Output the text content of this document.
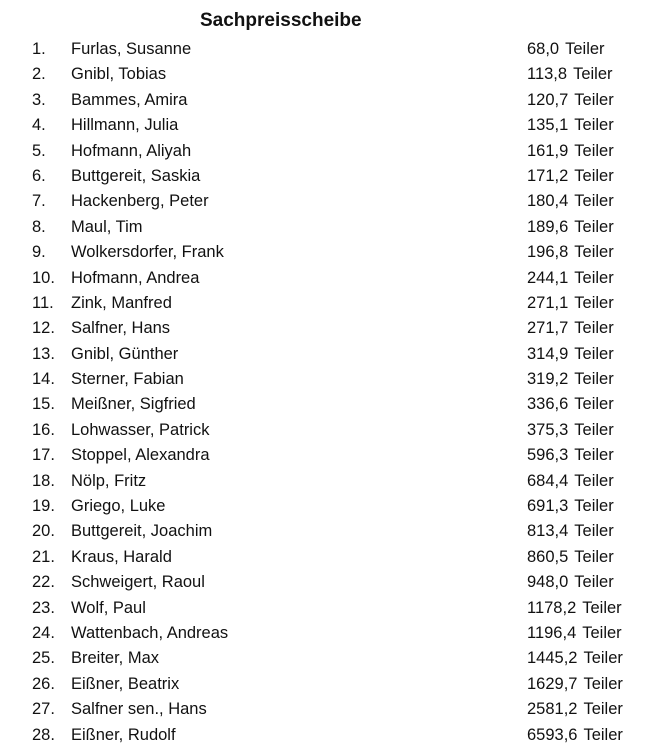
Sachpreisscheibe
1. Furlas, Susanne	68,0 Teiler
2. Gnibl, Tobias	113,8 Teiler
3. Bammes, Amira	120,7 Teiler
4. Hillmann, Julia	135,1 Teiler
5. Hofmann, Aliyah	161,9 Teiler
6. Buttgereit, Saskia	171,2 Teiler
7. Hackenberg, Peter	180,4 Teiler
8. Maul, Tim	189,6 Teiler
9. Wolkersdorfer, Frank	196,8 Teiler
10. Hofmann, Andrea	244,1 Teiler
11. Zink, Manfred	271,1 Teiler
12. Salfner, Hans	271,7 Teiler
13. Gnibl, Günther	314,9 Teiler
14. Sterner, Fabian	319,2 Teiler
15. Meißner, Sigfried	336,6 Teiler
16. Lohwasser, Patrick	375,3 Teiler
17. Stoppel, Alexandra	596,3 Teiler
18. Nölp, Fritz	684,4 Teiler
19. Griego, Luke	691,3 Teiler
20. Buttgereit, Joachim	813,4 Teiler
21. Kraus, Harald	860,5 Teiler
22. Schweigert, Raoul	948,0 Teiler
23. Wolf, Paul	1178,2 Teiler
24. Wattenbach, Andreas	1196,4 Teiler
25. Breiter, Max	1445,2 Teiler
26. Eißner, Beatrix	1629,7 Teiler
27. Salfner sen., Hans	2581,2 Teiler
28. Eißner, Rudolf	6593,6 Teiler
